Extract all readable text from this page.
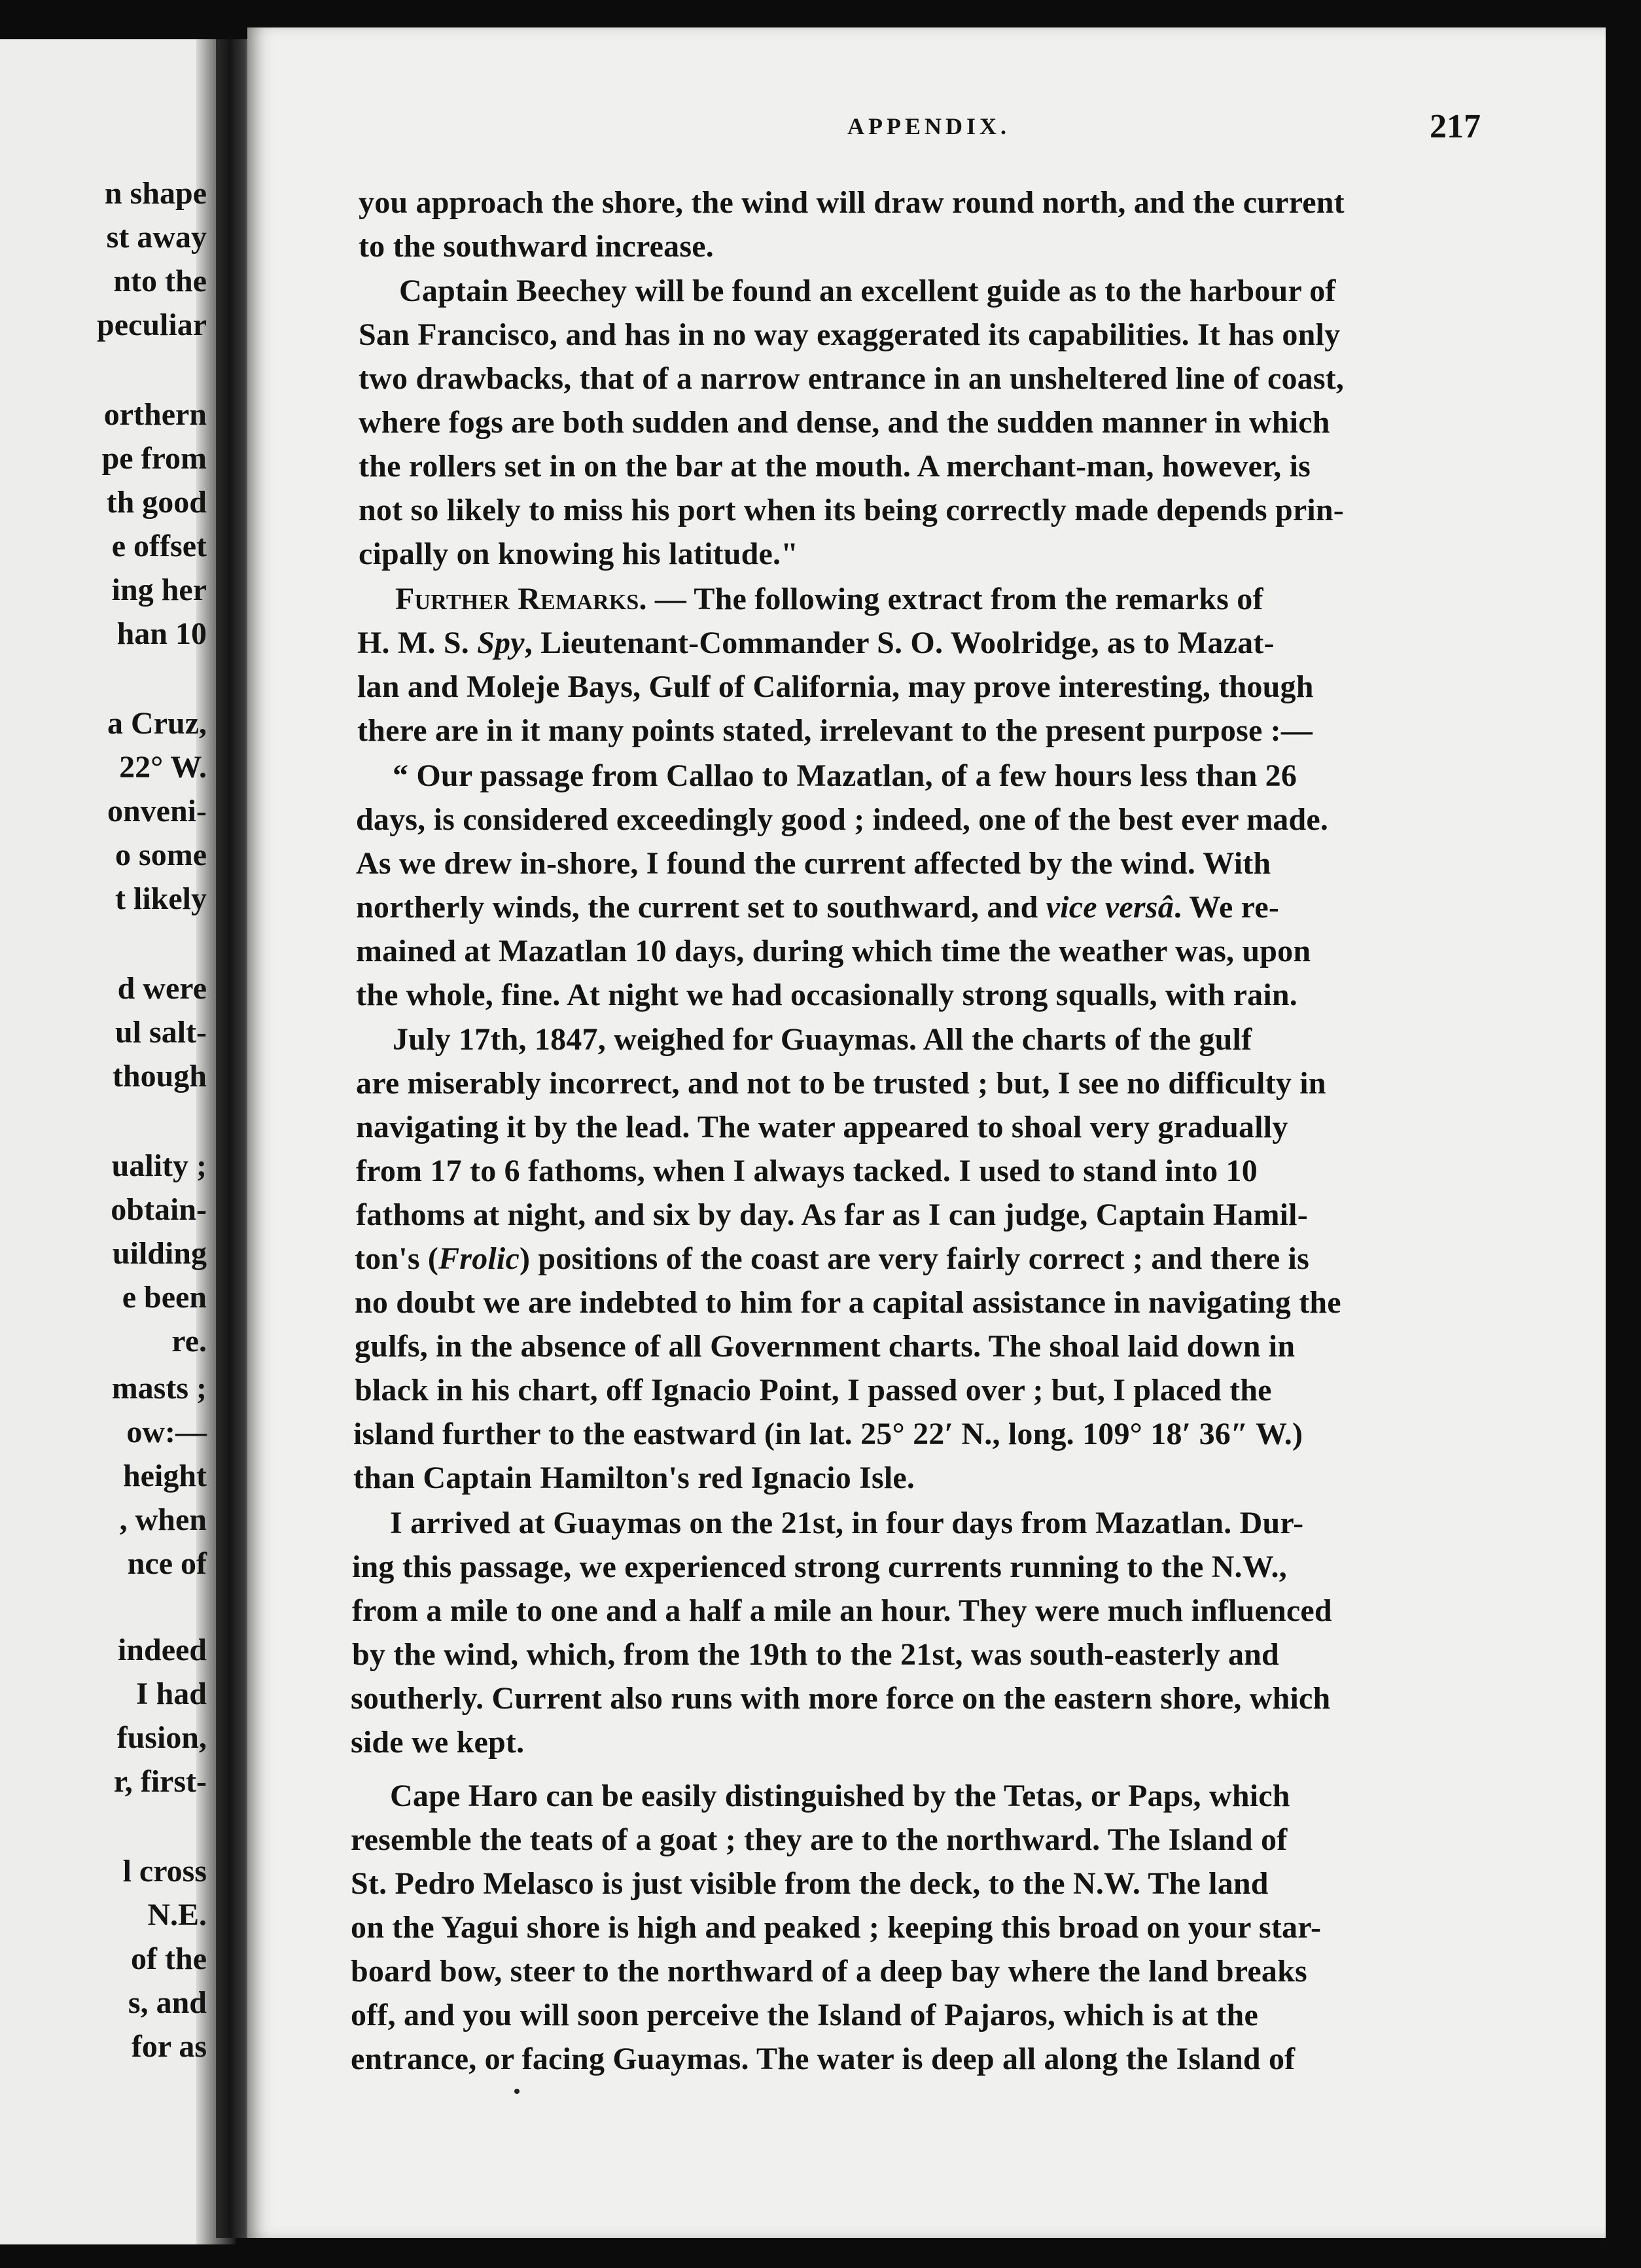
APPENDIX.	217
n shape
st away
nto the
peculiar
orthern
pe from
th good
e offset
ing her
han 10
a Cruz,
22° W.
onveni-
o some
t likely
d were
ul salt-
though
uality ;
obtain-
uilding
e been
re.
masts ;
ow:—
height
, when
nce of
indeed
I had
fusion,
r, first-
l cross
N.E.
of the
s, and
for as
you approach the shore, the wind will draw round north, and the current
to the southward increase.
Captain Beechey will be found an excellent guide as to the harbour of
San Francisco, and has in no way exaggerated its capabilities. It has only
two drawbacks, that of a narrow entrance in an unsheltered line of coast,
where fogs are both sudden and dense, and the sudden manner in which
the rollers set in on the bar at the mouth. A merchant-man, however, is
not so likely to miss his port when its being correctly made depends prin-
cipally on knowing his latitude."
Further Remarks. — The following extract from the remarks of
H. M. S. Spy, Lieutenant-Commander S. O. Woolridge, as to Mazat-
lan and Moleje Bays, Gulf of California, may prove interesting, though
there are in it many points stated, irrelevant to the present purpose :—
“ Our passage from Callao to Mazatlan, of a few hours less than 26
days, is considered exceedingly good ; indeed, one of the best ever made.
As we drew in-shore, I found the current affected by the wind. With
northerly winds, the current set to southward, and vice versâ. We re-
mained at Mazatlan 10 days, during which time the weather was, upon
the whole, fine. At night we had occasionally strong squalls, with rain.
July 17th, 1847, weighed for Guaymas. All the charts of the gulf
are miserably incorrect, and not to be trusted ; but, I see no difficulty in
navigating it by the lead. The water appeared to shoal very gradually
from 17 to 6 fathoms, when I always tacked. I used to stand into 10
fathoms at night, and six by day. As far as I can judge, Captain Hamil-
ton's (Frolic) positions of the coast are very fairly correct ; and there is
no doubt we are indebted to him for a capital assistance in navigating the
gulfs, in the absence of all Government charts. The shoal laid down in
black in his chart, off Ignacio Point, I passed over ; but, I placed the
island further to the eastward (in lat. 25° 22′ N., long. 109° 18′ 36″ W.)
than Captain Hamilton's red Ignacio Isle.
I arrived at Guaymas on the 21st, in four days from Mazatlan. Dur-
ing this passage, we experienced strong currents running to the N.W.,
from a mile to one and a half a mile an hour. They were much influenced
by the wind, which, from the 19th to the 21st, was south-easterly and
southerly. Current also runs with more force on the eastern shore, which
side we kept.
Cape Haro can be easily distinguished by the Tetas, or Paps, which
resemble the teats of a goat ; they are to the northward. The Island of
St. Pedro Melasco is just visible from the deck, to the N.W. The land
on the Yagui shore is high and peaked ; keeping this broad on your star-
board bow, steer to the northward of a deep bay where the land breaks
off, and you will soon perceive the Island of Pajaros, which is at the
entrance, or facing Guaymas. The water is deep all along the Island of
